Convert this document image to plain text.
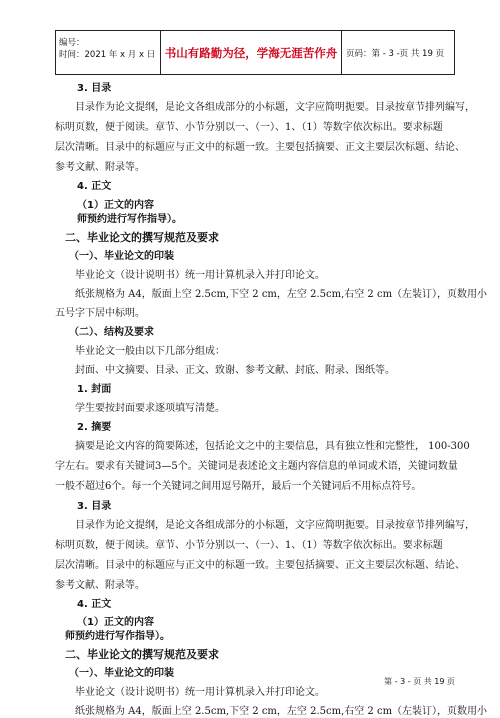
编号：
时间：2021 年 x 月 x 日 书山有路勤为径，学海无涯苦作舟	页码：第 - 3 -页 共 19 页
3. 目录
目录作为论文提纲，是论文各组成部分的小标题，文字应简明扼要。目录按章节排列编写，
标明页数，便于阅读。章节、小节分别以一、（一）、1、（1）等数字依次标出。要求标题
层次清晰。目录中的标题应与正文中的标题一致。主要包括摘要、正文主要层次标题、结论、
参考文献、附录等。
4. 正文
（1）正文的内容
师预约进行写作指导）。
二、毕业论文的撰写规范及要求
（一）、毕业论文的印装
毕业论文（设计说明书）统一用计算机录入并打印论文。
纸张规格为 A4，版面上空 2.5cm,下空 2 cm，左空 2.5cm,右空 2 cm（左装订），页数用小
五号字下居中标明。
（二）、结构及要求
毕业论文一般由以下几部分组成：
封面、中文摘要、目录、正文、致谢、参考文献、封底、附录、图纸等。
1. 封面
学生要按封面要求逐项填写清楚。
2. 摘要
摘要是论文内容的简要陈述，包括论文之中的主要信息，具有独立性和完整性， 100-300
字左右。要求有关键词3—5个。关键词是表述论文主题内容信息的单词或术语，关键词数量
一般不超过6个。每一个关键词之间用逗号隔开，最后一个关键词后不用标点符号。
3. 目录
目录作为论文提纲，是论文各组成部分的小标题，文字应简明扼要。目录按章节排列编写，
标明页数，便于阅读。章节、小节分别以一、（一）、1、（1）等数字依次标出。要求标题
层次清晰。目录中的标题应与正文中的标题一致。主要包括摘要、正文主要层次标题、结论、
参考文献、附录等。
4. 正文
（1）正文的内容
师预约进行写作指导）。
二、毕业论文的撰写规范及要求
（一）、毕业论文的印装
毕业论文（设计说明书）统一用计算机录入并打印论文。
纸张规格为 A4，版面上空 2.5cm,下空 2 cm，左空 2.5cm,右空 2 cm（左装订），页数用小
第 - 3 - 页 共 19 页
